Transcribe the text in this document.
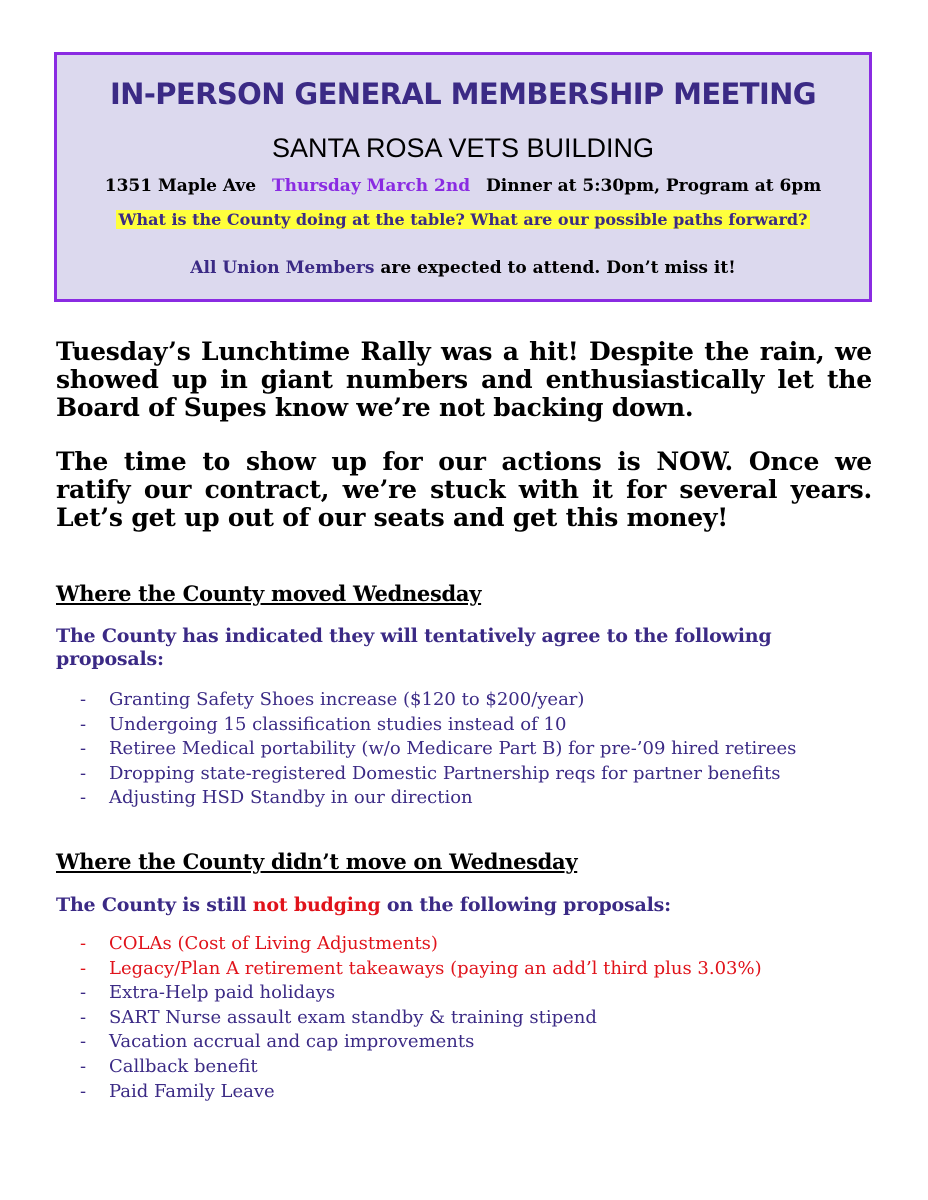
IN-PERSON GENERAL MEMBERSHIP MEETING
SANTA ROSA VETS BUILDING
1351 Maple Ave Thursday March 2nd Dinner at 5:30pm, Program at 6pm
What is the County doing at the table? What are our possible paths forward?
All Union Members are expected to attend. Don’t miss it!
Tuesday’s Lunchtime Rally was a hit! Despite the rain, we showed up in giant numbers and enthusiastically let the Board of Supes know we’re not backing down.
The time to show up for our actions is NOW. Once we ratify our contract, we’re stuck with it for several years. Let’s get up out of our seats and get this money!
Where the County moved Wednesday
The County has indicated they will tentatively agree to the following proposals:
- Granting Safety Shoes increase ($120 to $200/year)
- Undergoing 15 classification studies instead of 10
- Retiree Medical portability (w/o Medicare Part B) for pre-’09 hired retirees
- Dropping state-registered Domestic Partnership reqs for partner benefits
- Adjusting HSD Standby in our direction
Where the County didn’t move on Wednesday
The County is still not budging on the following proposals:
- COLAs (Cost of Living Adjustments)
- Legacy/Plan A retirement takeaways (paying an add’l third plus 3.03%)
- Extra-Help paid holidays
- SART Nurse assault exam standby & training stipend
- Vacation accrual and cap improvements
- Callback benefit
- Paid Family Leave
